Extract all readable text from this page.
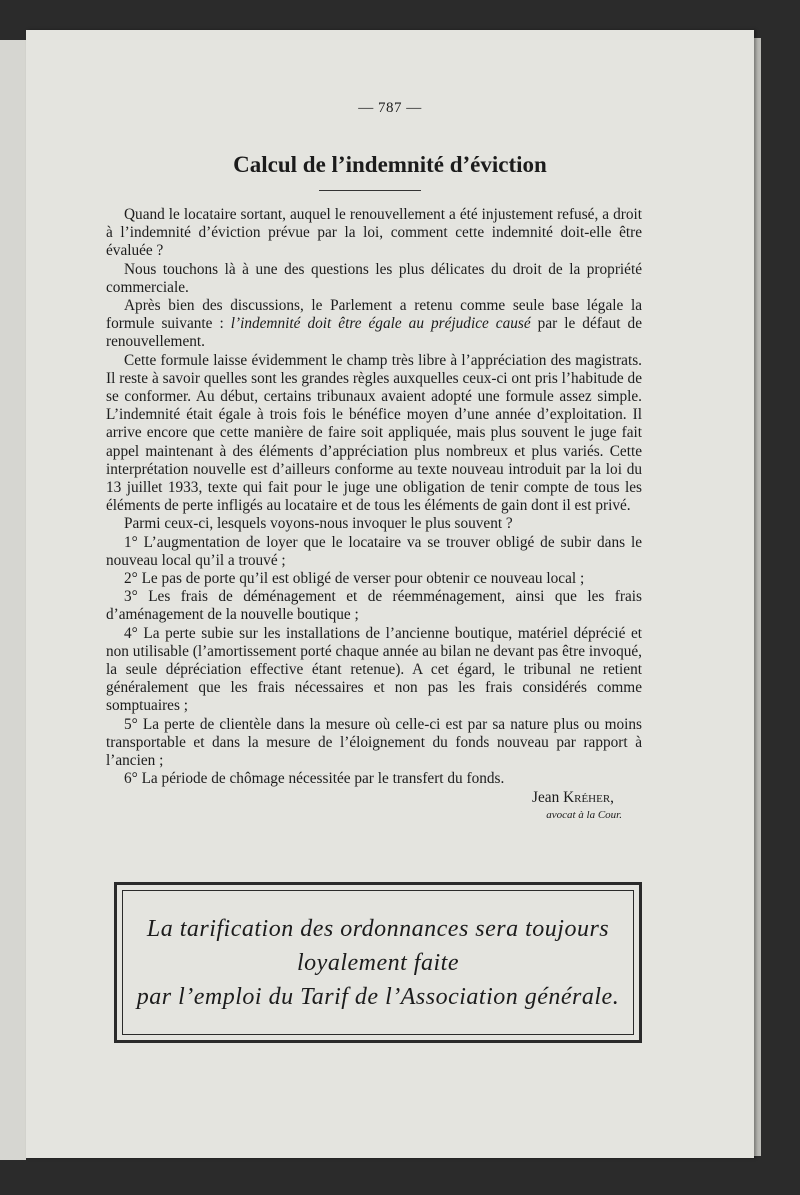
— 787 —
Calcul de l’indemnité d’éviction

Quand le locataire sortant, auquel le renouvellement a été injustement refusé, a droit à l’indemnité d’éviction prévue par la loi, comment cette indemnité doit-elle être évaluée ?

Nous touchons là à une des questions les plus délicates du droit de la propriété commerciale.

Après bien des discussions, le Parlement a retenu comme seule base légale la formule suivante : l’indemnité doit être égale au préjudice causé par le défaut de renouvellement.

Cette formule laisse évidemment le champ très libre à l’appréciation des magistrats. Il reste à savoir quelles sont les grandes règles auxquelles ceux-ci ont pris l’habitude de se conformer. Au début, certains tribunaux avaient adopté une formule assez simple. L’indemnité était égale à trois fois le bénéfice moyen d’une année d’exploitation. Il arrive encore que cette manière de faire soit appliquée, mais plus souvent le juge fait appel maintenant à des éléments d’appréciation plus nombreux et plus variés. Cette interprétation nouvelle est d’ailleurs conforme au texte nouveau introduit par la loi du 13 juillet 1933, texte qui fait pour le juge une obligation de tenir compte de tous les éléments de perte infligés au locataire et de tous les éléments de gain dont il est privé.

Parmi ceux-ci, lesquels voyons-nous invoquer le plus souvent ?

1° L’augmentation de loyer que le locataire va se trouver obligé de subir dans le nouveau local qu’il a trouvé ;

2° Le pas de porte qu’il est obligé de verser pour obtenir ce nouveau local ;

3° Les frais de déménagement et de réemménagement, ainsi que les frais d’aménagement de la nouvelle boutique ;

4° La perte subie sur les installations de l’ancienne boutique, matériel déprécié et non utilisable (l’amortissement porté chaque année au bilan ne devant pas être invoqué, la seule dépréciation effective étant retenue). A cet égard, le tribunal ne retient généralement que les frais nécessaires et non pas les frais considérés comme somptuaires ;

5° La perte de clientèle dans la mesure où celle-ci est par sa nature plus ou moins transportable et dans la mesure de l’éloignement du fonds nouveau par rapport à l’ancien ;

6° La période de chômage nécessitée par le transfert du fonds.

Jean Kréher,

avocat à la Cour.

La tarification des ordonnances sera toujours
loyalement faite
par l’emploi du Tarif de l’Association générale.
